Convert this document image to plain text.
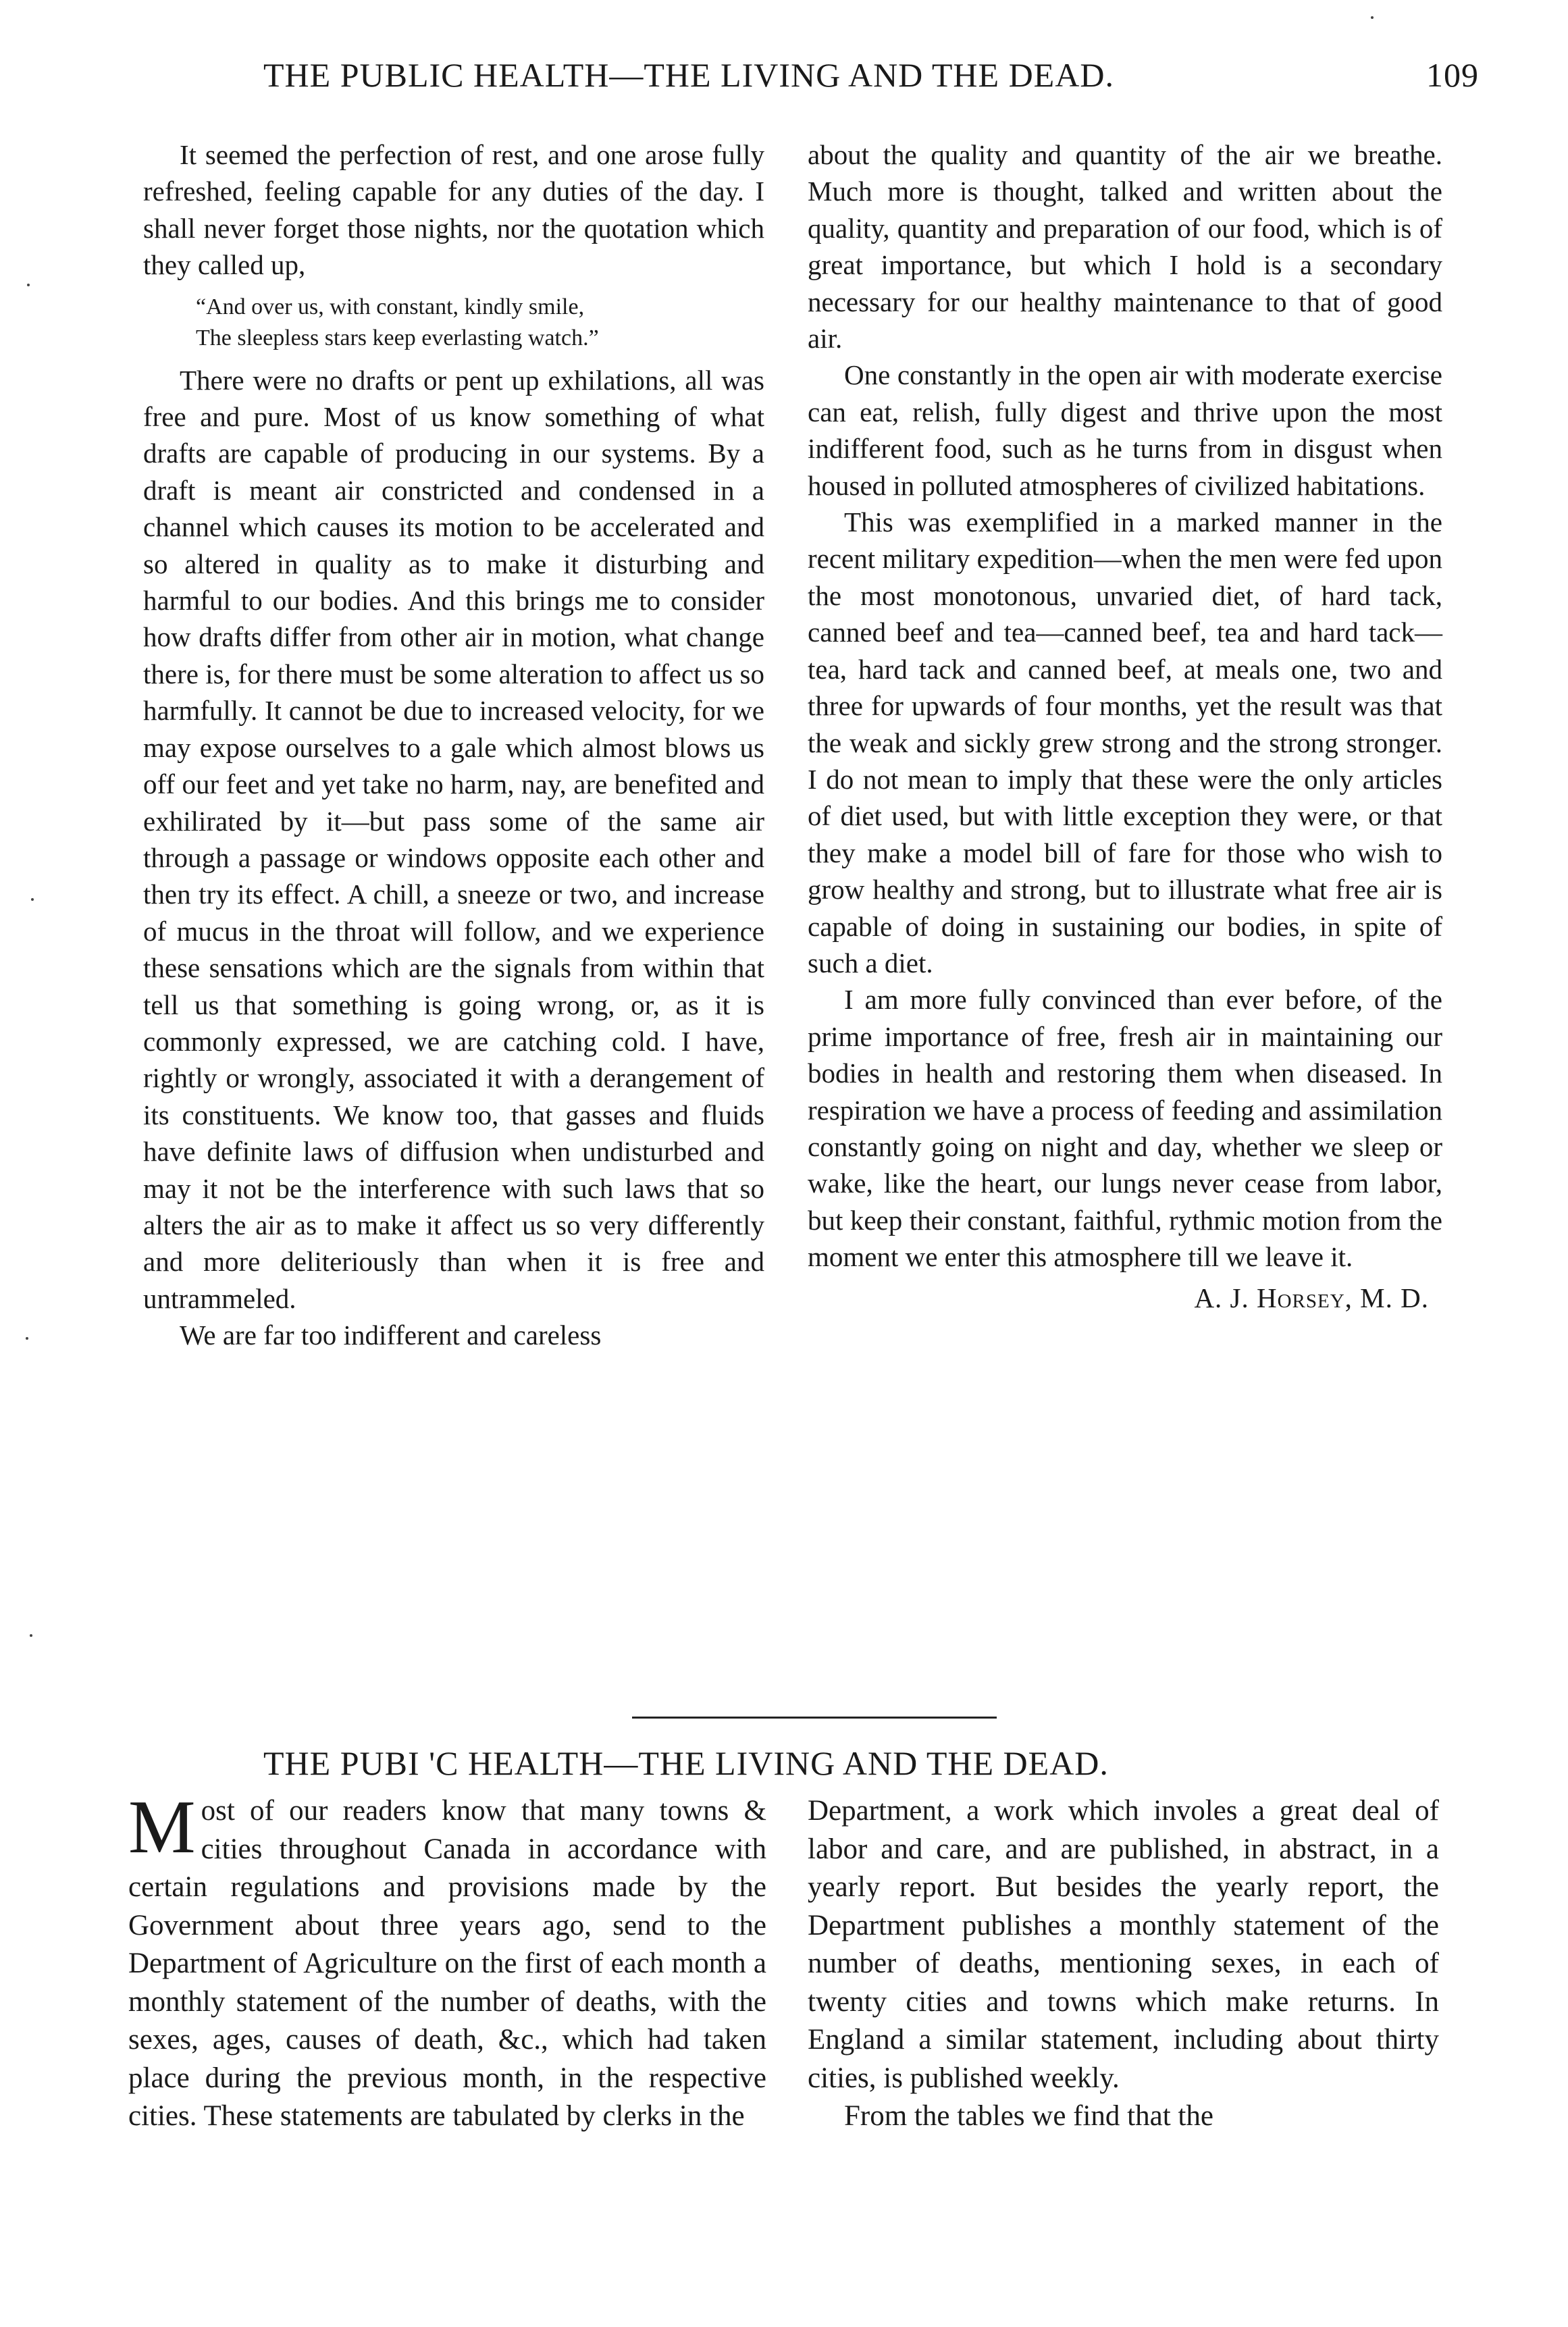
THE PUBLIC HEALTH—THE LIVING AND THE DEAD.	109

It seemed the perfection of rest, and one arose fully refreshed, feeling capable for any duties of the day. I shall never forget those nights, nor the quotation which they called up,

“And over us, with constant, kindly smile,
The sleepless stars keep everlasting watch.”

There were no drafts or pent up exhilations, all was free and pure. Most of us know something of what drafts are capable of producing in our systems. By a draft is meant air constricted and condensed in a channel which causes its motion to be accelerated and so altered in quality as to make it disturbing and harmful to our bodies. And this brings me to consider how drafts differ from other air in motion, what change there is, for there must be some alteration to affect us so harmfully. It cannot be due to increased velocity, for we may expose ourselves to a gale which almost blows us off our feet and yet take no harm, nay, are benefited and exhilirated by it—but pass some of the same air through a passage or windows opposite each other and then try its effect. A chill, a sneeze or two, and increase of mucus in the throat will follow, and we experience these sensations which are the signals from within that tell us that something is going wrong, or, as it is commonly expressed, we are catching cold. I have, rightly or wrongly, associated it with a derangement of its constituents. We know too, that gasses and fluids have definite laws of diffusion when undisturbed and may it not be the interference with such laws that so alters the air as to make it affect us so very differently and more deliteriously than when it is free and untrammeled.

We are far too indifferent and careless

about the quality and quantity of the air we breathe. Much more is thought, talked and written about the quality, quantity and preparation of our food, which is of great importance, but which I hold is a secondary necessary for our healthy maintenance to that of good air.

One constantly in the open air with moderate exercise can eat, relish, fully digest and thrive upon the most indifferent food, such as he turns from in disgust when housed in polluted atmospheres of civilized habitations.

This was exemplified in a marked manner in the recent military expedition—when the men were fed upon the most monotonous, unvaried diet, of hard tack, canned beef and tea—canned beef, tea and hard tack—tea, hard tack and canned beef, at meals one, two and three for upwards of four months, yet the result was that the weak and sickly grew strong and the strong stronger. I do not mean to imply that these were the only articles of diet used, but with little exception they were, or that they make a model bill of fare for those who wish to grow healthy and strong, but to illustrate what free air is capable of doing in sustaining our bodies, in spite of such a diet.

I am more fully convinced than ever before, of the prime importance of free, fresh air in maintaining our bodies in health and restoring them when diseased. In respiration we have a process of feeding and assimilation constantly going on night and day, whether we sleep or wake, like the heart, our lungs never cease from labor, but keep their constant, faithful, rythmic motion from the moment we enter this atmosphere till we leave it.

A. J. Horsey, M. D.
THE PUBI 'C HEALTH—THE LIVING AND THE DEAD.

Most of our readers know that many towns & cities throughout Canada in accordance with certain regulations and provisions made by the Government about three years ago, send to the Department of Agriculture on the first of each month a monthly statement of the number of deaths, with the sexes, ages, causes of death, &c., which had taken place during the previous month, in the respective cities. These statements are tabulated by clerks in the

Department, a work which involes a great deal of labor and care, and are published, in abstract, in a yearly report. But besides the yearly report, the Department publishes a monthly statement of the number of deaths, mentioning sexes, in each of twenty cities and towns which make returns. In England a similar statement, including about thirty cities, is published weekly.

From the tables we find that the
